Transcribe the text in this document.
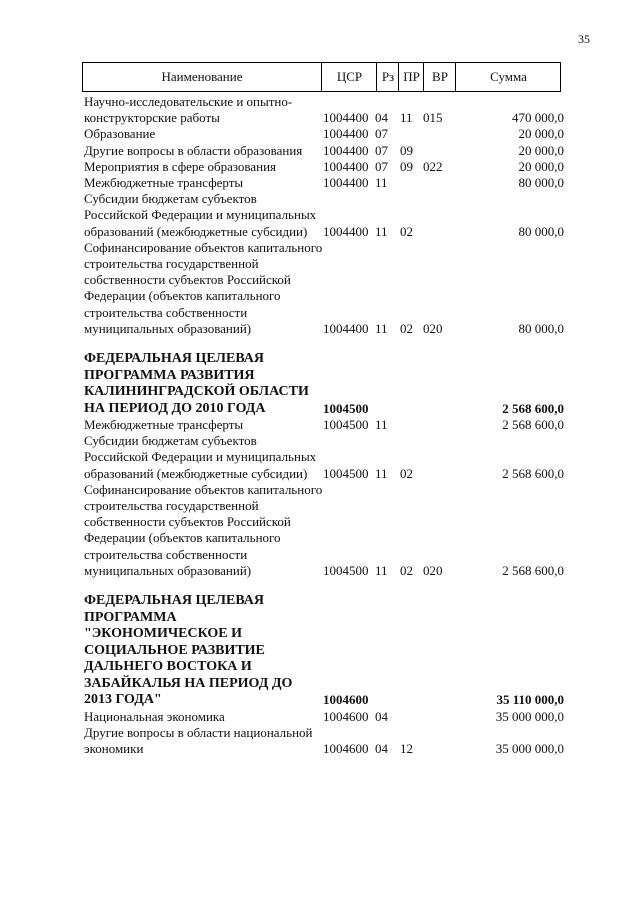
35
Наименование	ЦСР	Рз ПР ВР	Сумма
Научно-исследовательские и опытно-конструкторские работы	1004400	04	11	015	470 000,0
Образование	1004400	07			20 000,0
Другие вопросы в области образования	1004400	07	09		20 000,0
Мероприятия в сфере образования	1004400	07	09	022	20 000,0
Межбюджетные трансферты	1004400	11			80 000,0
Субсидии бюджетам субъектов Российской Федерации и муниципальных образований (межбюджетные субсидии)	1004400	11	02		80 000,0
Софинансирование объектов капитального строительства государственной собственности субъектов Российской Федерации (объектов капитального строительства собственности муниципальных образований)	1004400	11	02	020	80 000,0

ФЕДЕРАЛЬНАЯ ЦЕЛЕВАЯ ПРОГРАММА РАЗВИТИЯ КАЛИНИНГРАДСКОЙ ОБЛАСТИ НА ПЕРИОД ДО 2010 ГОДА	1004500				2 568 600,0
Межбюджетные трансферты	1004500	11			2 568 600,0
Субсидии бюджетам субъектов Российской Федерации и муниципальных образований (межбюджетные субсидии)	1004500	11	02		2 568 600,0
Софинансирование объектов капитального строительства государственной собственности субъектов Российской Федерации (объектов капитального строительства собственности муниципальных образований)	1004500	11	02	020	2 568 600,0

ФЕДЕРАЛЬНАЯ ЦЕЛЕВАЯ ПРОГРАММА "ЭКОНОМИЧЕСКОЕ И СОЦИАЛЬНОЕ РАЗВИТИЕ ДАЛЬНЕГО ВОСТОКА И ЗАБАЙКАЛЬЯ НА ПЕРИОД ДО 2013 ГОДА"	1004600				35 110 000,0
Национальная экономика	1004600	04			35 000 000,0
Другие вопросы в области национальной экономики	1004600	04	12		35 000 000,0
